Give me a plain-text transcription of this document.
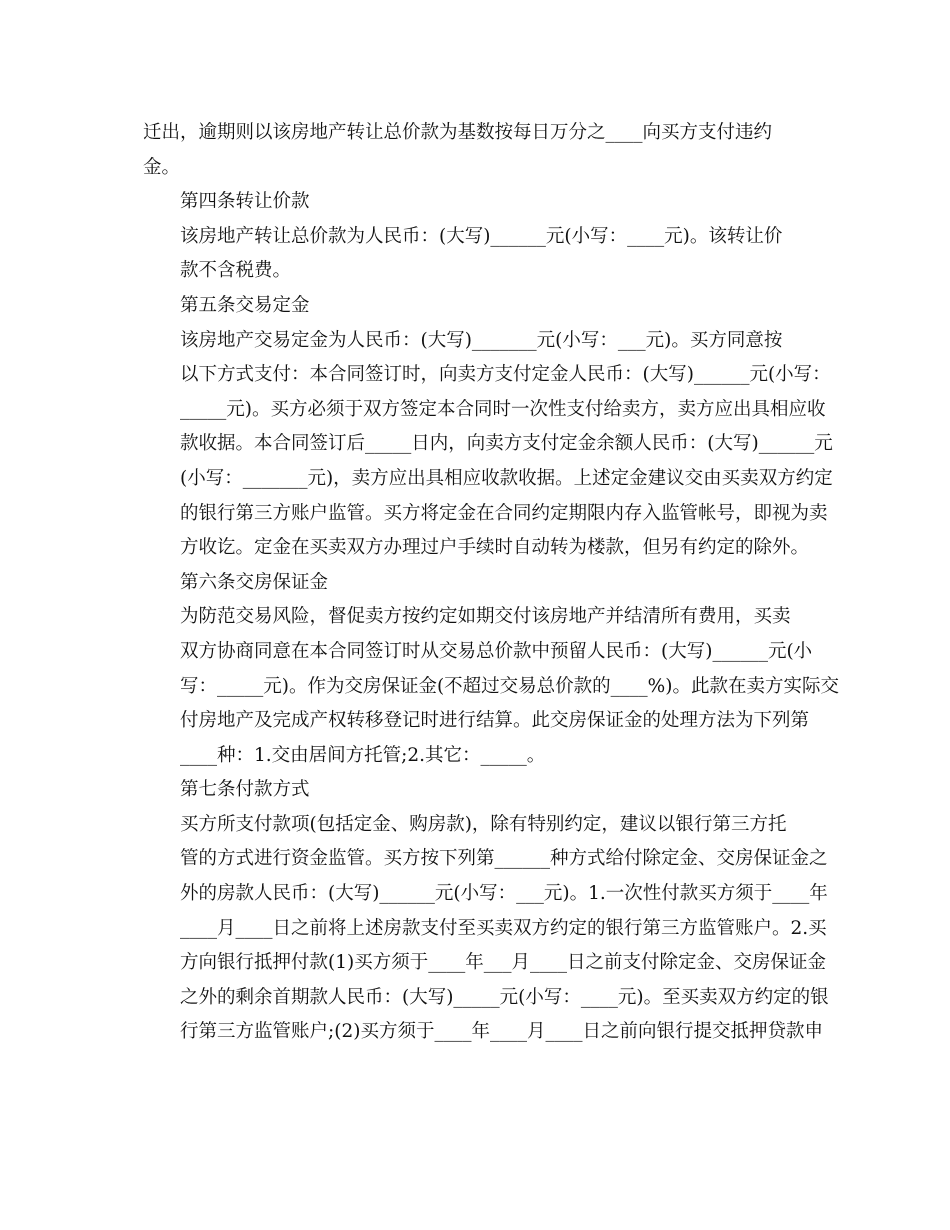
迁出，逾期则以该房地产转让总价款为基数按每日万分之____向买方支付违约
金。

第四条转让价款

该房地产转让总价款为人民币：(大写)______元(小写：____元)。该转让价
款不含税费。

第五条交易定金

该房地产交易定金为人民币：(大写)_______元(小写：___元)。买方同意按
以下方式支付：本合同签订时，向卖方支付定金人民币：(大写)______元(小写：
_____元)。买方必须于双方签定本合同时一次性支付给卖方，卖方应出具相应收
款收据。本合同签订后_____日内，向卖方支付定金余额人民币：(大写)______元
(小写：_______元)，卖方应出具相应收款收据。上述定金建议交由买卖双方约定
的银行第三方账户监管。买方将定金在合同约定期限内存入监管帐号，即视为卖
方收讫。定金在买卖双方办理过户手续时自动转为楼款，但另有约定的除外。

第六条交房保证金

为防范交易风险，督促卖方按约定如期交付该房地产并结清所有费用，买卖
双方协商同意在本合同签订时从交易总价款中预留人民币：(大写)______元(小
写：_____元)。作为交房保证金(不超过交易总价款的____%)。此款在卖方实际交
付房地产及完成产权转移登记时进行结算。此交房保证金的处理方法为下列第
____种：1.交由居间方托管;2.其它：_____。

第七条付款方式

买方所支付款项(包括定金、购房款)，除有特别约定，建议以银行第三方托
管的方式进行资金监管。买方按下列第______种方式给付除定金、交房保证金之
外的房款人民币：(大写)______元(小写：___元)。1.一次性付款买方须于____年
____月____日之前将上述房款支付至买卖双方约定的银行第三方监管账户。2.买
方向银行抵押付款(1)买方须于____年___月____日之前支付除定金、交房保证金
之外的剩余首期款人民币：(大写)_____元(小写：____元)。至买卖双方约定的银
行第三方监管账户;(2)买方须于____年____月____日之前向银行提交抵押贷款申
